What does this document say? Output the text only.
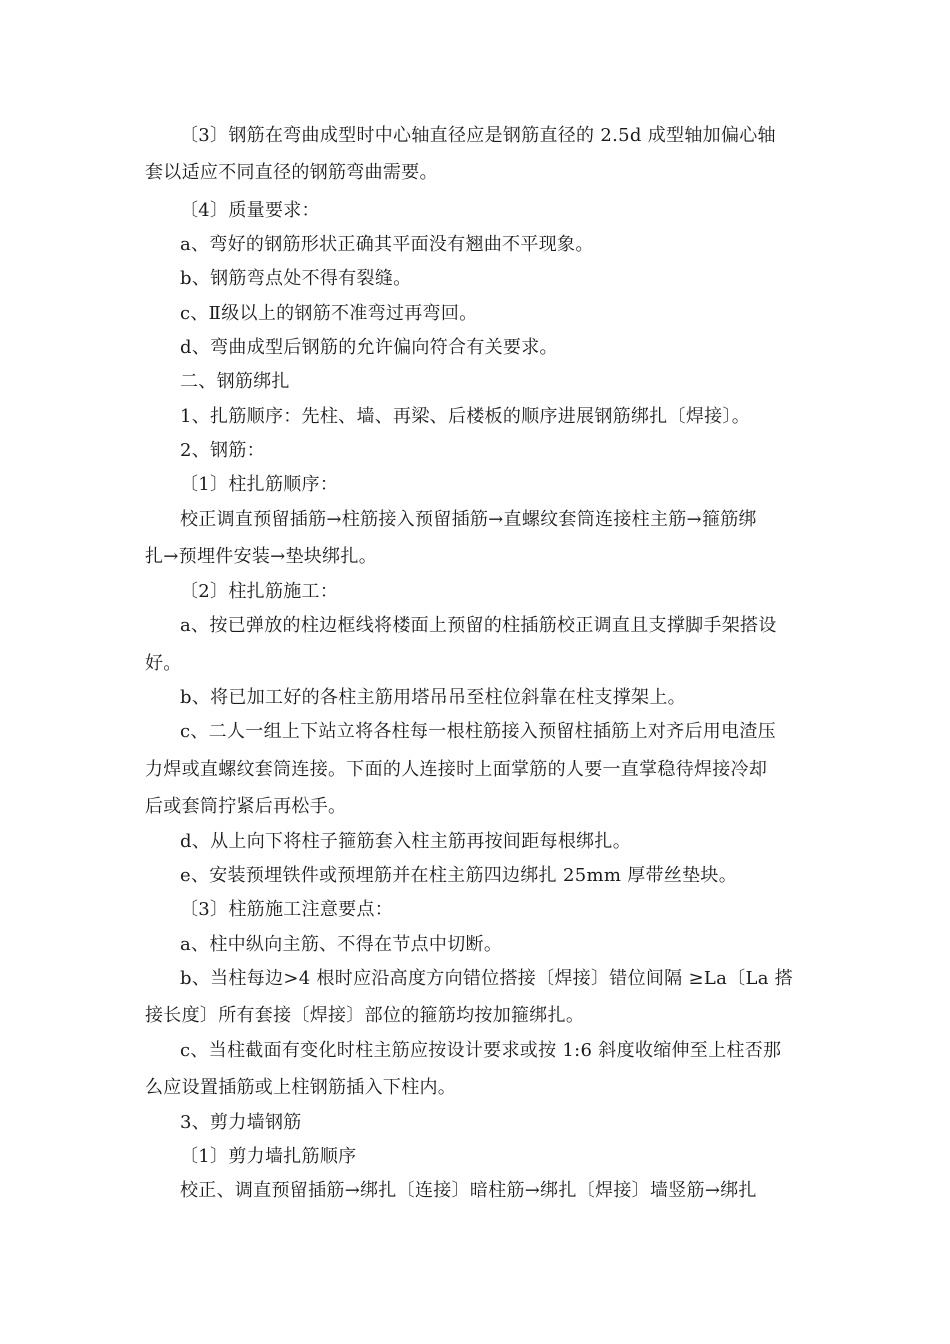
〔3〕钢筋在弯曲成型时中心轴直径应是钢筋直径的 2.5d 成型轴加偏心轴
套以适应不同直径的钢筋弯曲需要。
〔4〕质量要求：
a、弯好的钢筋形状正确其平面没有翘曲不平现象。
b、钢筋弯点处不得有裂缝。
c、Ⅱ级以上的钢筋不准弯过再弯回。
d、弯曲成型后钢筋的允许偏向符合有关要求。
二、钢筋绑扎
1、扎筋顺序：先柱、墙、再梁、后楼板的顺序进展钢筋绑扎〔焊接〕。
2、钢筋：
〔1〕柱扎筋顺序：
校正调直预留插筋→柱筋接入预留插筋→直螺纹套筒连接柱主筋→箍筋绑
扎→预埋件安装→垫块绑扎。
〔2〕柱扎筋施工：
a、按已弹放的柱边框线将楼面上预留的柱插筋校正调直且支撑脚手架搭设
好。
b、将已加工好的各柱主筋用塔吊吊至柱位斜靠在柱支撑架上。
c、二人一组上下站立将各柱每一根柱筋接入预留柱插筋上对齐后用电渣压
力焊或直螺纹套筒连接。下面的人连接时上面掌筋的人要一直掌稳待焊接冷却
后或套筒拧紧后再松手。
d、从上向下将柱子箍筋套入柱主筋再按间距每根绑扎。
e、安装预埋铁件或预埋筋并在柱主筋四边绑扎 25mm 厚带丝垫块。
〔3〕柱筋施工注意要点：
a、柱中纵向主筋、不得在节点中切断。
b、当柱每边>4 根时应沿高度方向错位搭接〔焊接〕错位间隔 ≥La〔La 搭
接长度〕所有套接〔焊接〕部位的箍筋均按加箍绑扎。
c、当柱截面有变化时柱主筋应按设计要求或按 1:6 斜度收缩伸至上柱否那
么应设置插筋或上柱钢筋插入下柱内。
3、剪力墙钢筋
〔1〕剪力墙扎筋顺序
校正、调直预留插筋→绑扎〔连接〕暗柱筋→绑扎〔焊接〕墙竖筋→绑扎
